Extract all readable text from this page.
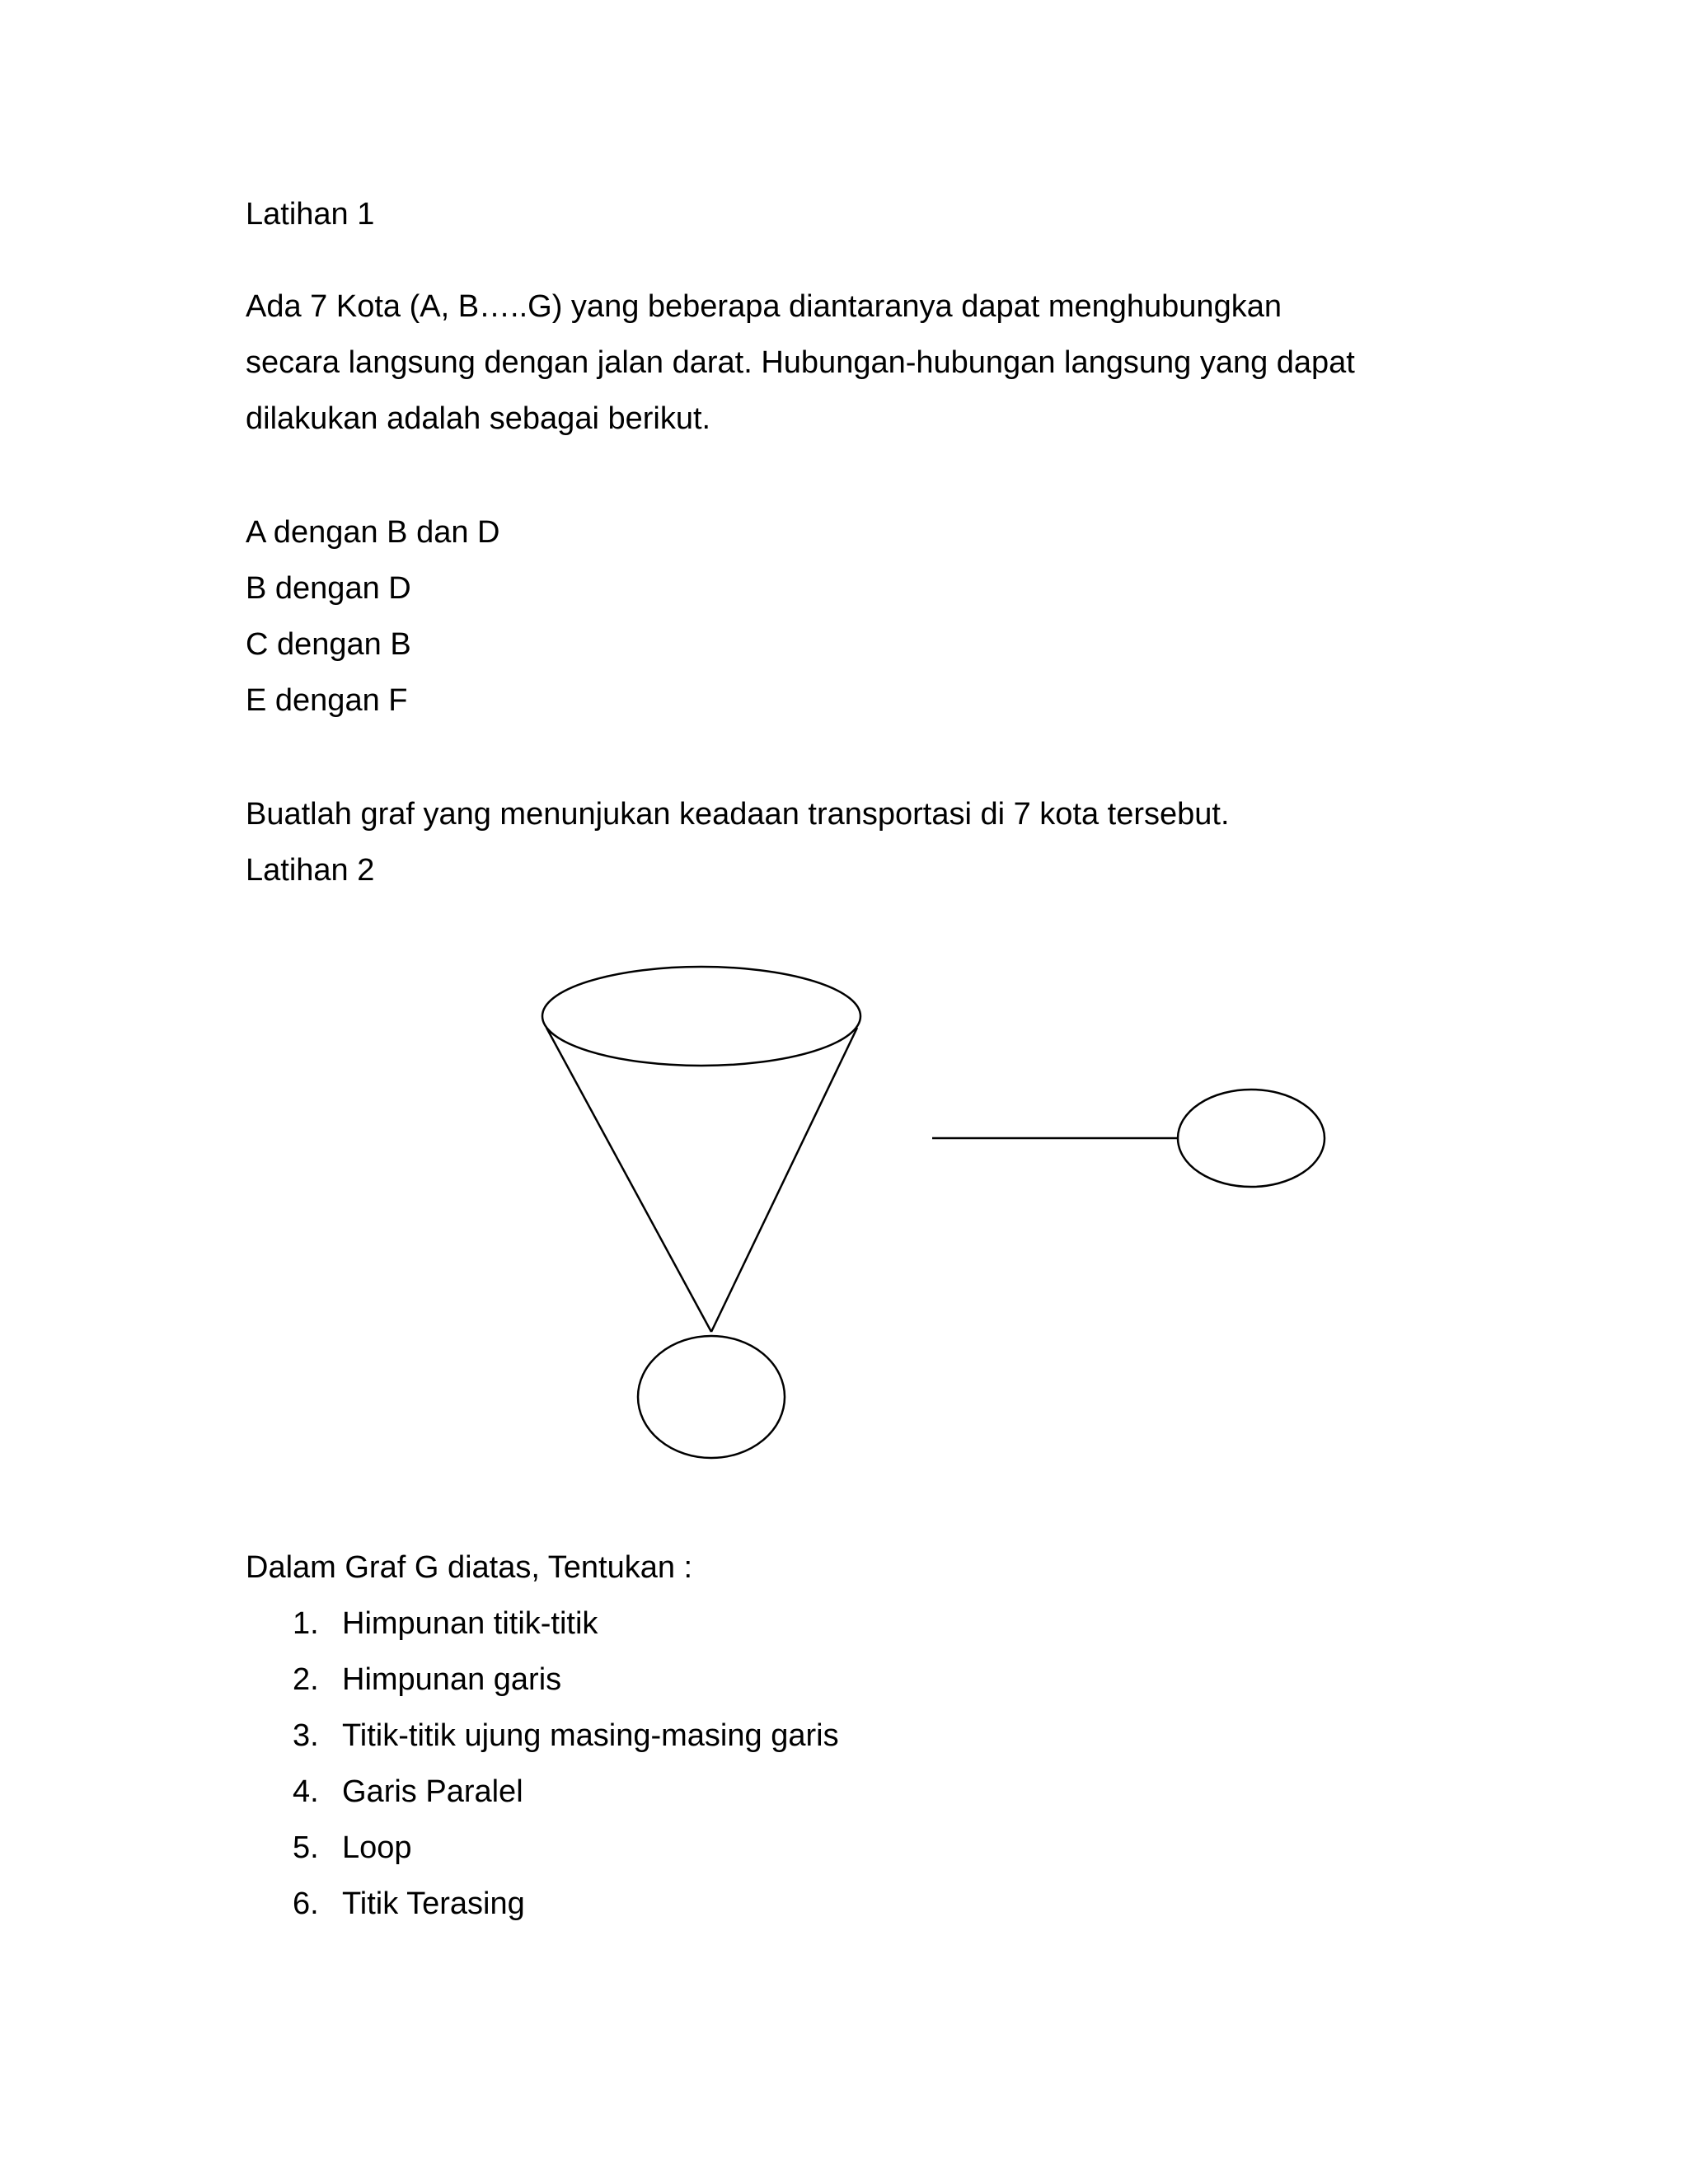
Latihan 1
Ada 7 Kota (A, B…..G) yang beberapa diantaranya dapat menghubungkan
secara langsung dengan jalan darat. Hubungan-hubungan langsung yang dapat
dilakukan adalah sebagai berikut.
A dengan B dan D
B dengan D
C dengan B
E dengan F
Buatlah graf yang menunjukan keadaan transportasi di 7 kota tersebut.
Latihan 2
Dalam Graf G diatas, Tentukan :
1. Himpunan titik-titik
2. Himpunan garis
3. Titik-titik ujung masing-masing garis
4. Garis Paralel
5. Loop
6. Titik Terasing
